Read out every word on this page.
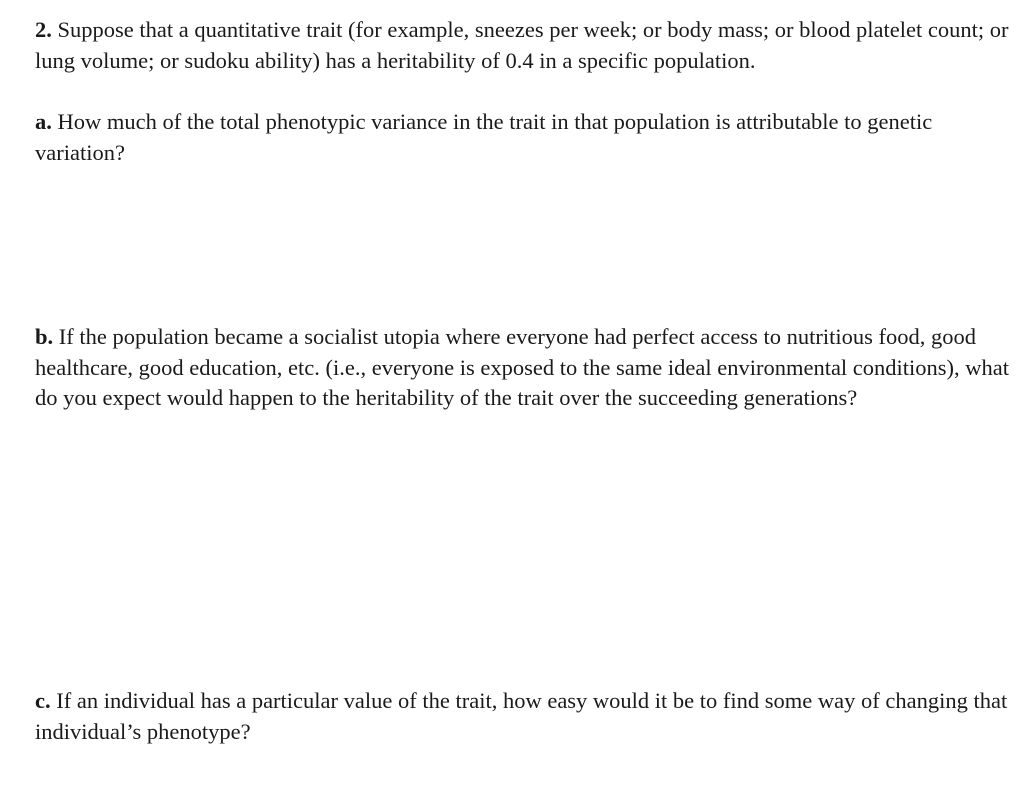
2. Suppose that a quantitative trait (for example, sneezes per week; or body mass; or blood platelet count; or lung volume; or sudoku ability) has a heritability of 0.4 in a specific population.
a. How much of the total phenotypic variance in the trait in that population is attributable to genetic variation?
b. If the population became a socialist utopia where everyone had perfect access to nutritious food, good healthcare, good education, etc. (i.e., everyone is exposed to the same ideal environmental conditions), what do you expect would happen to the heritability of the trait over the succeeding generations?
c. If an individual has a particular value of the trait, how easy would it be to find some way of changing that individual’s phenotype?
